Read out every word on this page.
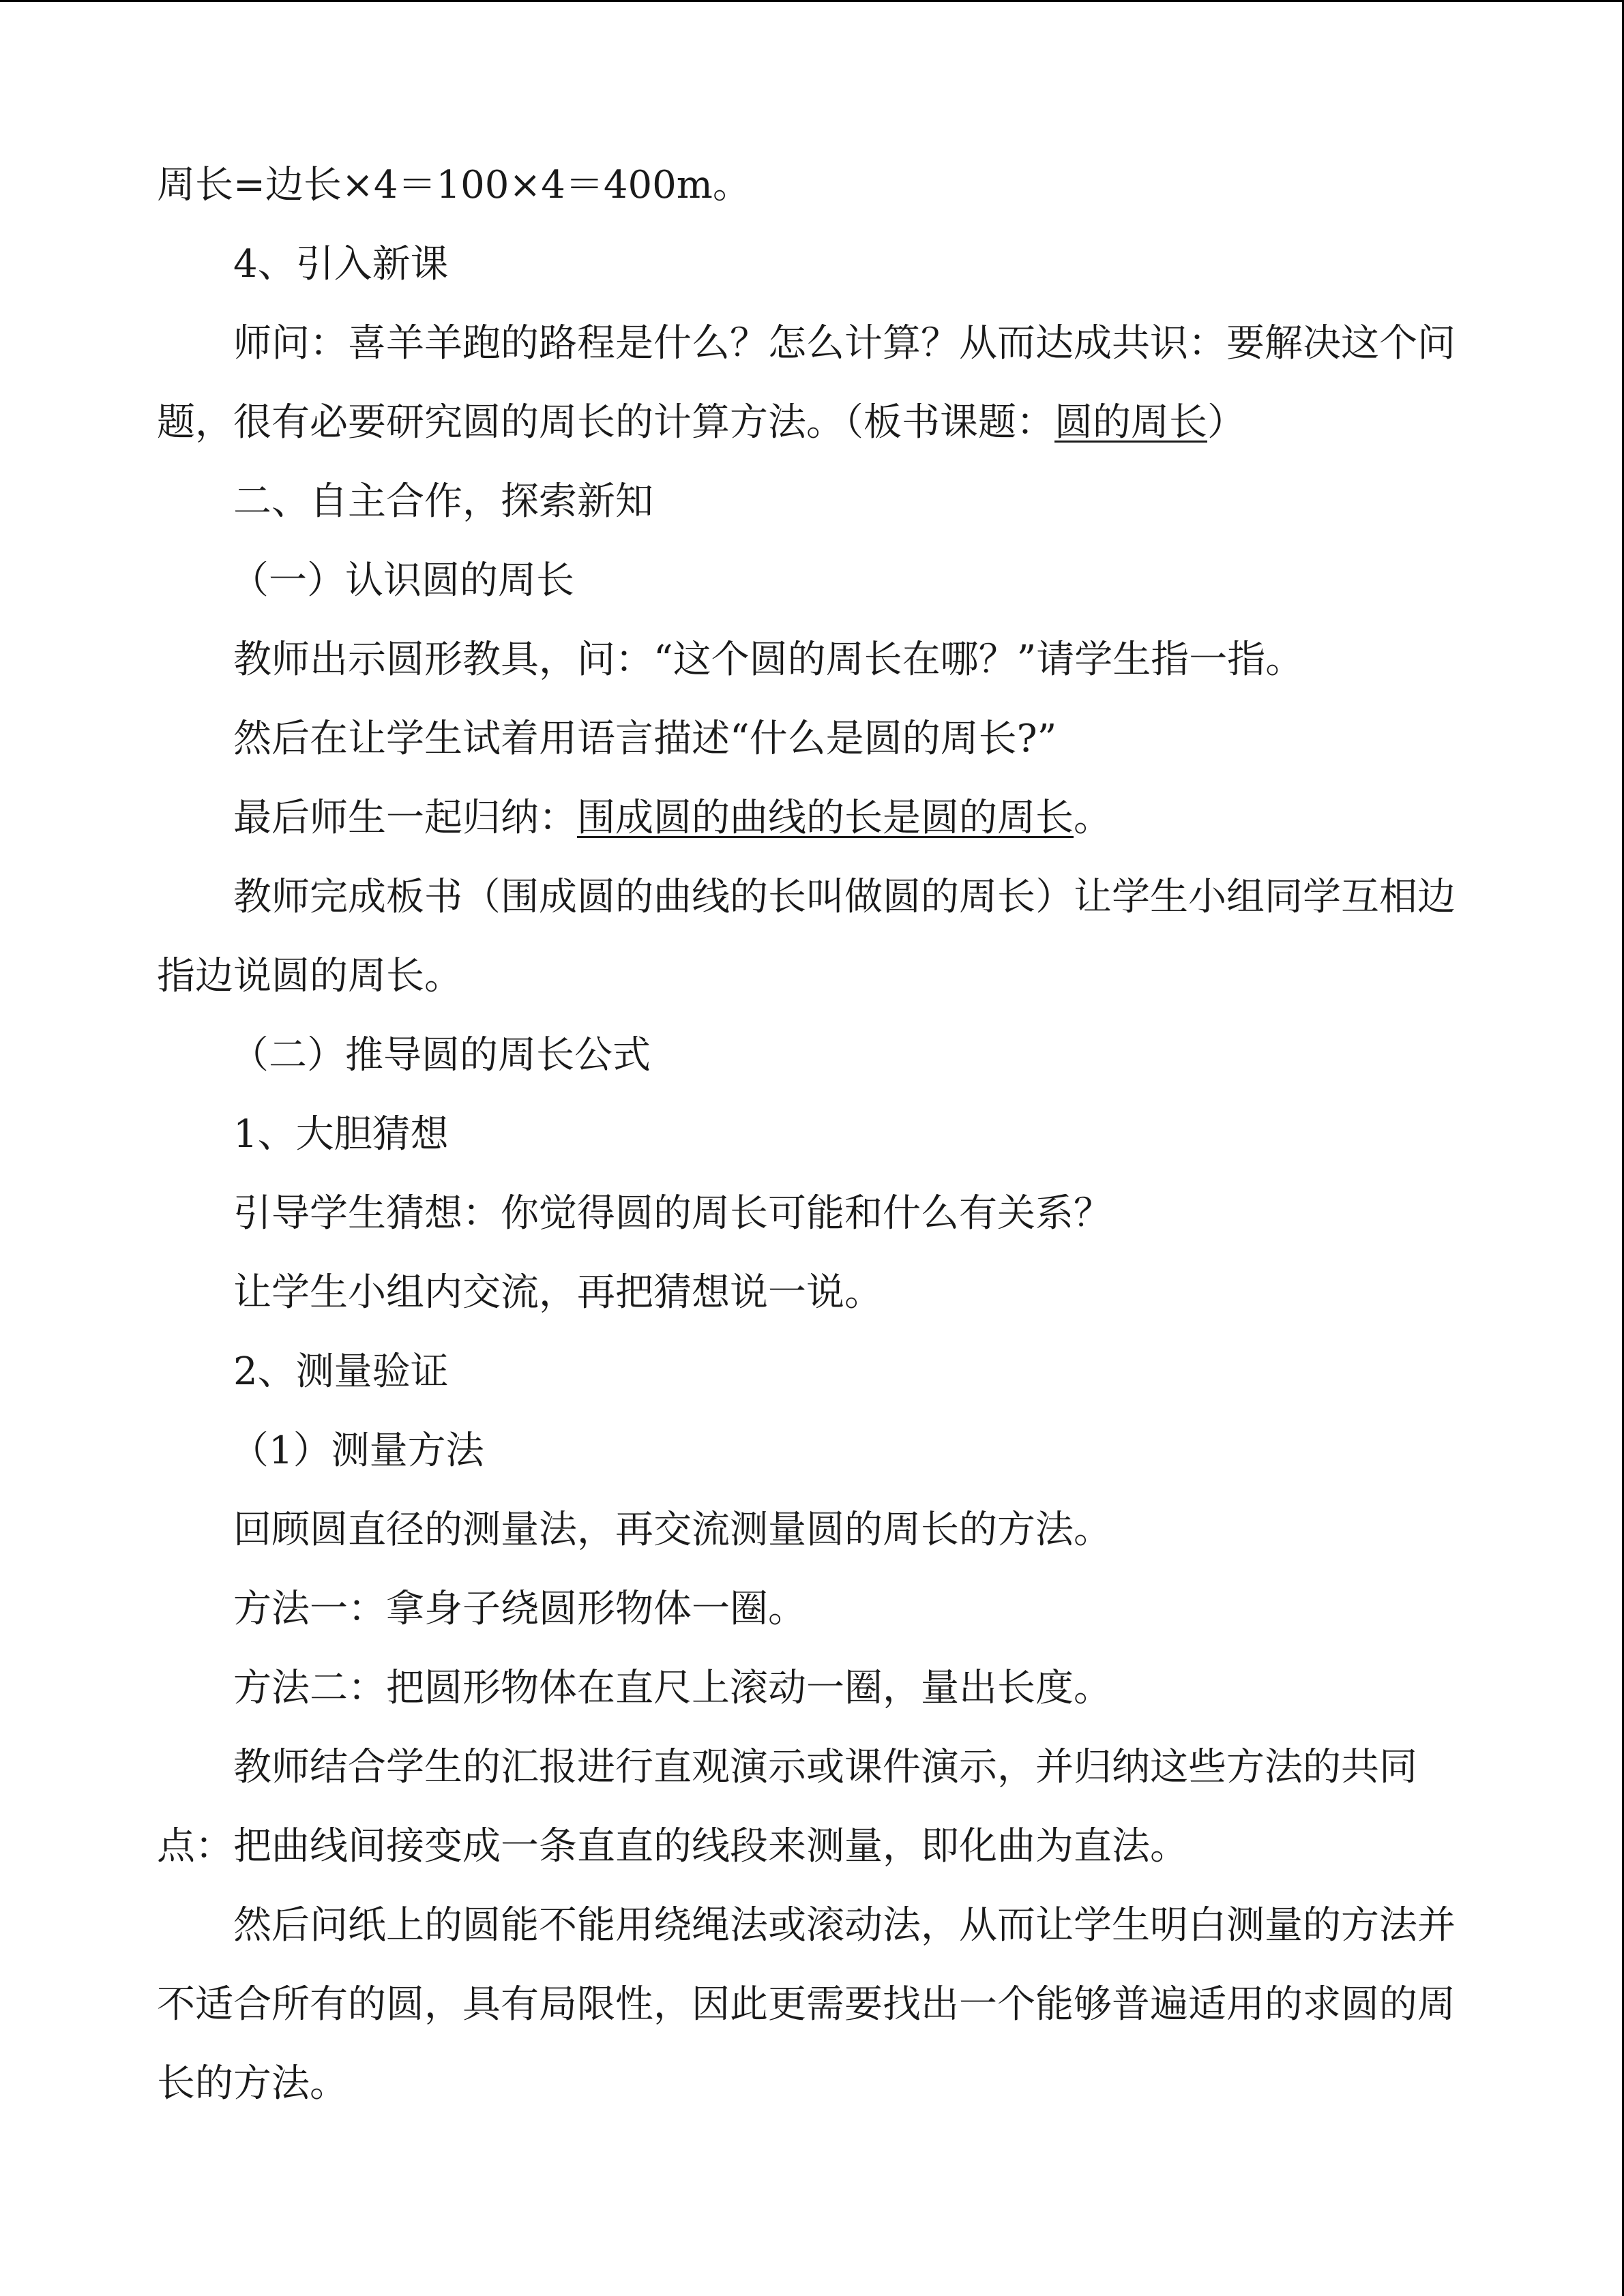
周长=边长×4＝100×4＝400m。
4、引入新课
师问：喜羊羊跑的路程是什么？怎么计算？从而达成共识：要解决这个问
题，很有必要研究圆的周长的计算方法。（板书课题：圆的周长）
二、自主合作，探索新知
（一）认识圆的周长
教师出示圆形教具，问：“这个圆的周长在哪？”请学生指一指。
然后在让学生试着用语言描述“什么是圆的周长?”
最后师生一起归纳：围成圆的曲线的长是圆的周长。
教师完成板书（围成圆的曲线的长叫做圆的周长）让学生小组同学互相边
指边说圆的周长。
（二）推导圆的周长公式
1、大胆猜想
引导学生猜想：你觉得圆的周长可能和什么有关系？
让学生小组内交流，再把猜想说一说。
2、测量验证
（1）测量方法
回顾圆直径的测量法，再交流测量圆的周长的方法。
方法一：拿身子绕圆形物体一圈。
方法二：把圆形物体在直尺上滚动一圈，量出长度。
教师结合学生的汇报进行直观演示或课件演示，并归纳这些方法的共同
点：把曲线间接变成一条直直的线段来测量，即化曲为直法。
然后问纸上的圆能不能用绕绳法或滚动法，从而让学生明白测量的方法并
不适合所有的圆，具有局限性，因此更需要找出一个能够普遍适用的求圆的周
长的方法。
